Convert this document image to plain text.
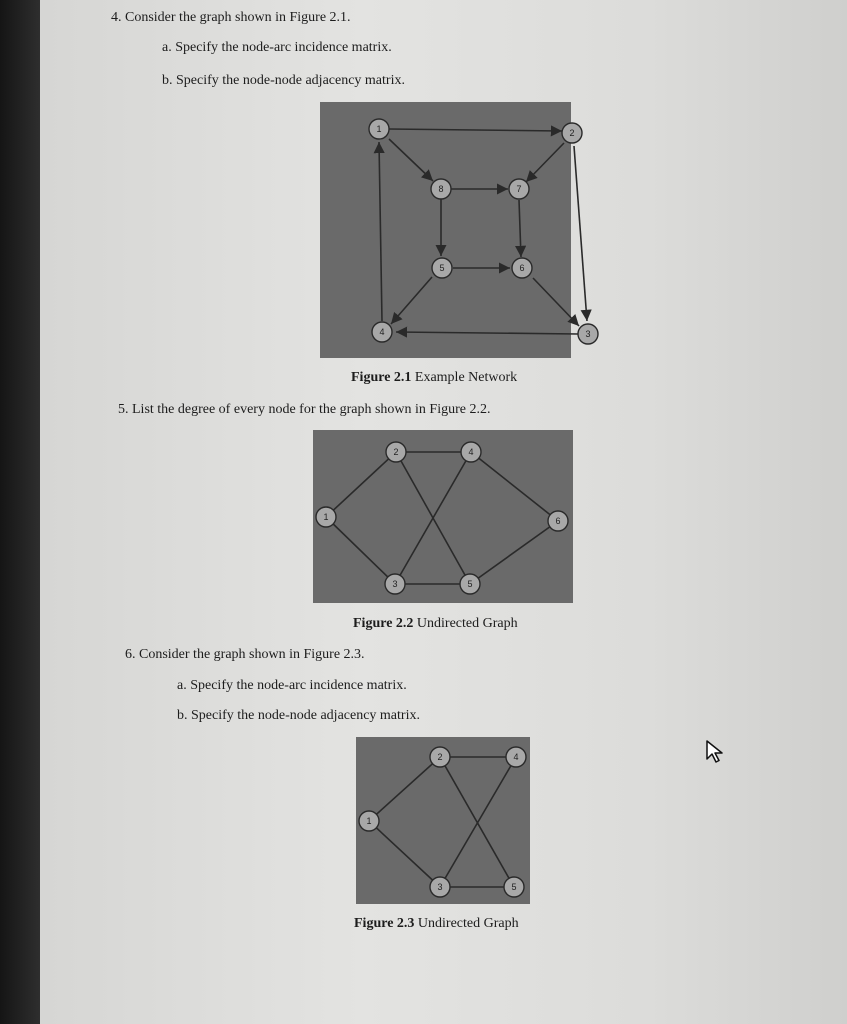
4. Consider the graph shown in Figure 2.1.
a. Specify the node-arc incidence matrix.
b. Specify the node-node adjacency matrix.
1	2
3
4
5	6
7
8
Figure 2.1 Example Network
5. List the degree of every node for the graph shown in Figure 2.2.
1
2
3
4
5
6
Figure 2.2 Undirected Graph
6. Consider the graph shown in Figure 2.3.
a. Specify the node-arc incidence matrix.
b. Specify the node-node adjacency matrix.
1
2
3
4
5
Figure 2.3 Undirected Graph
